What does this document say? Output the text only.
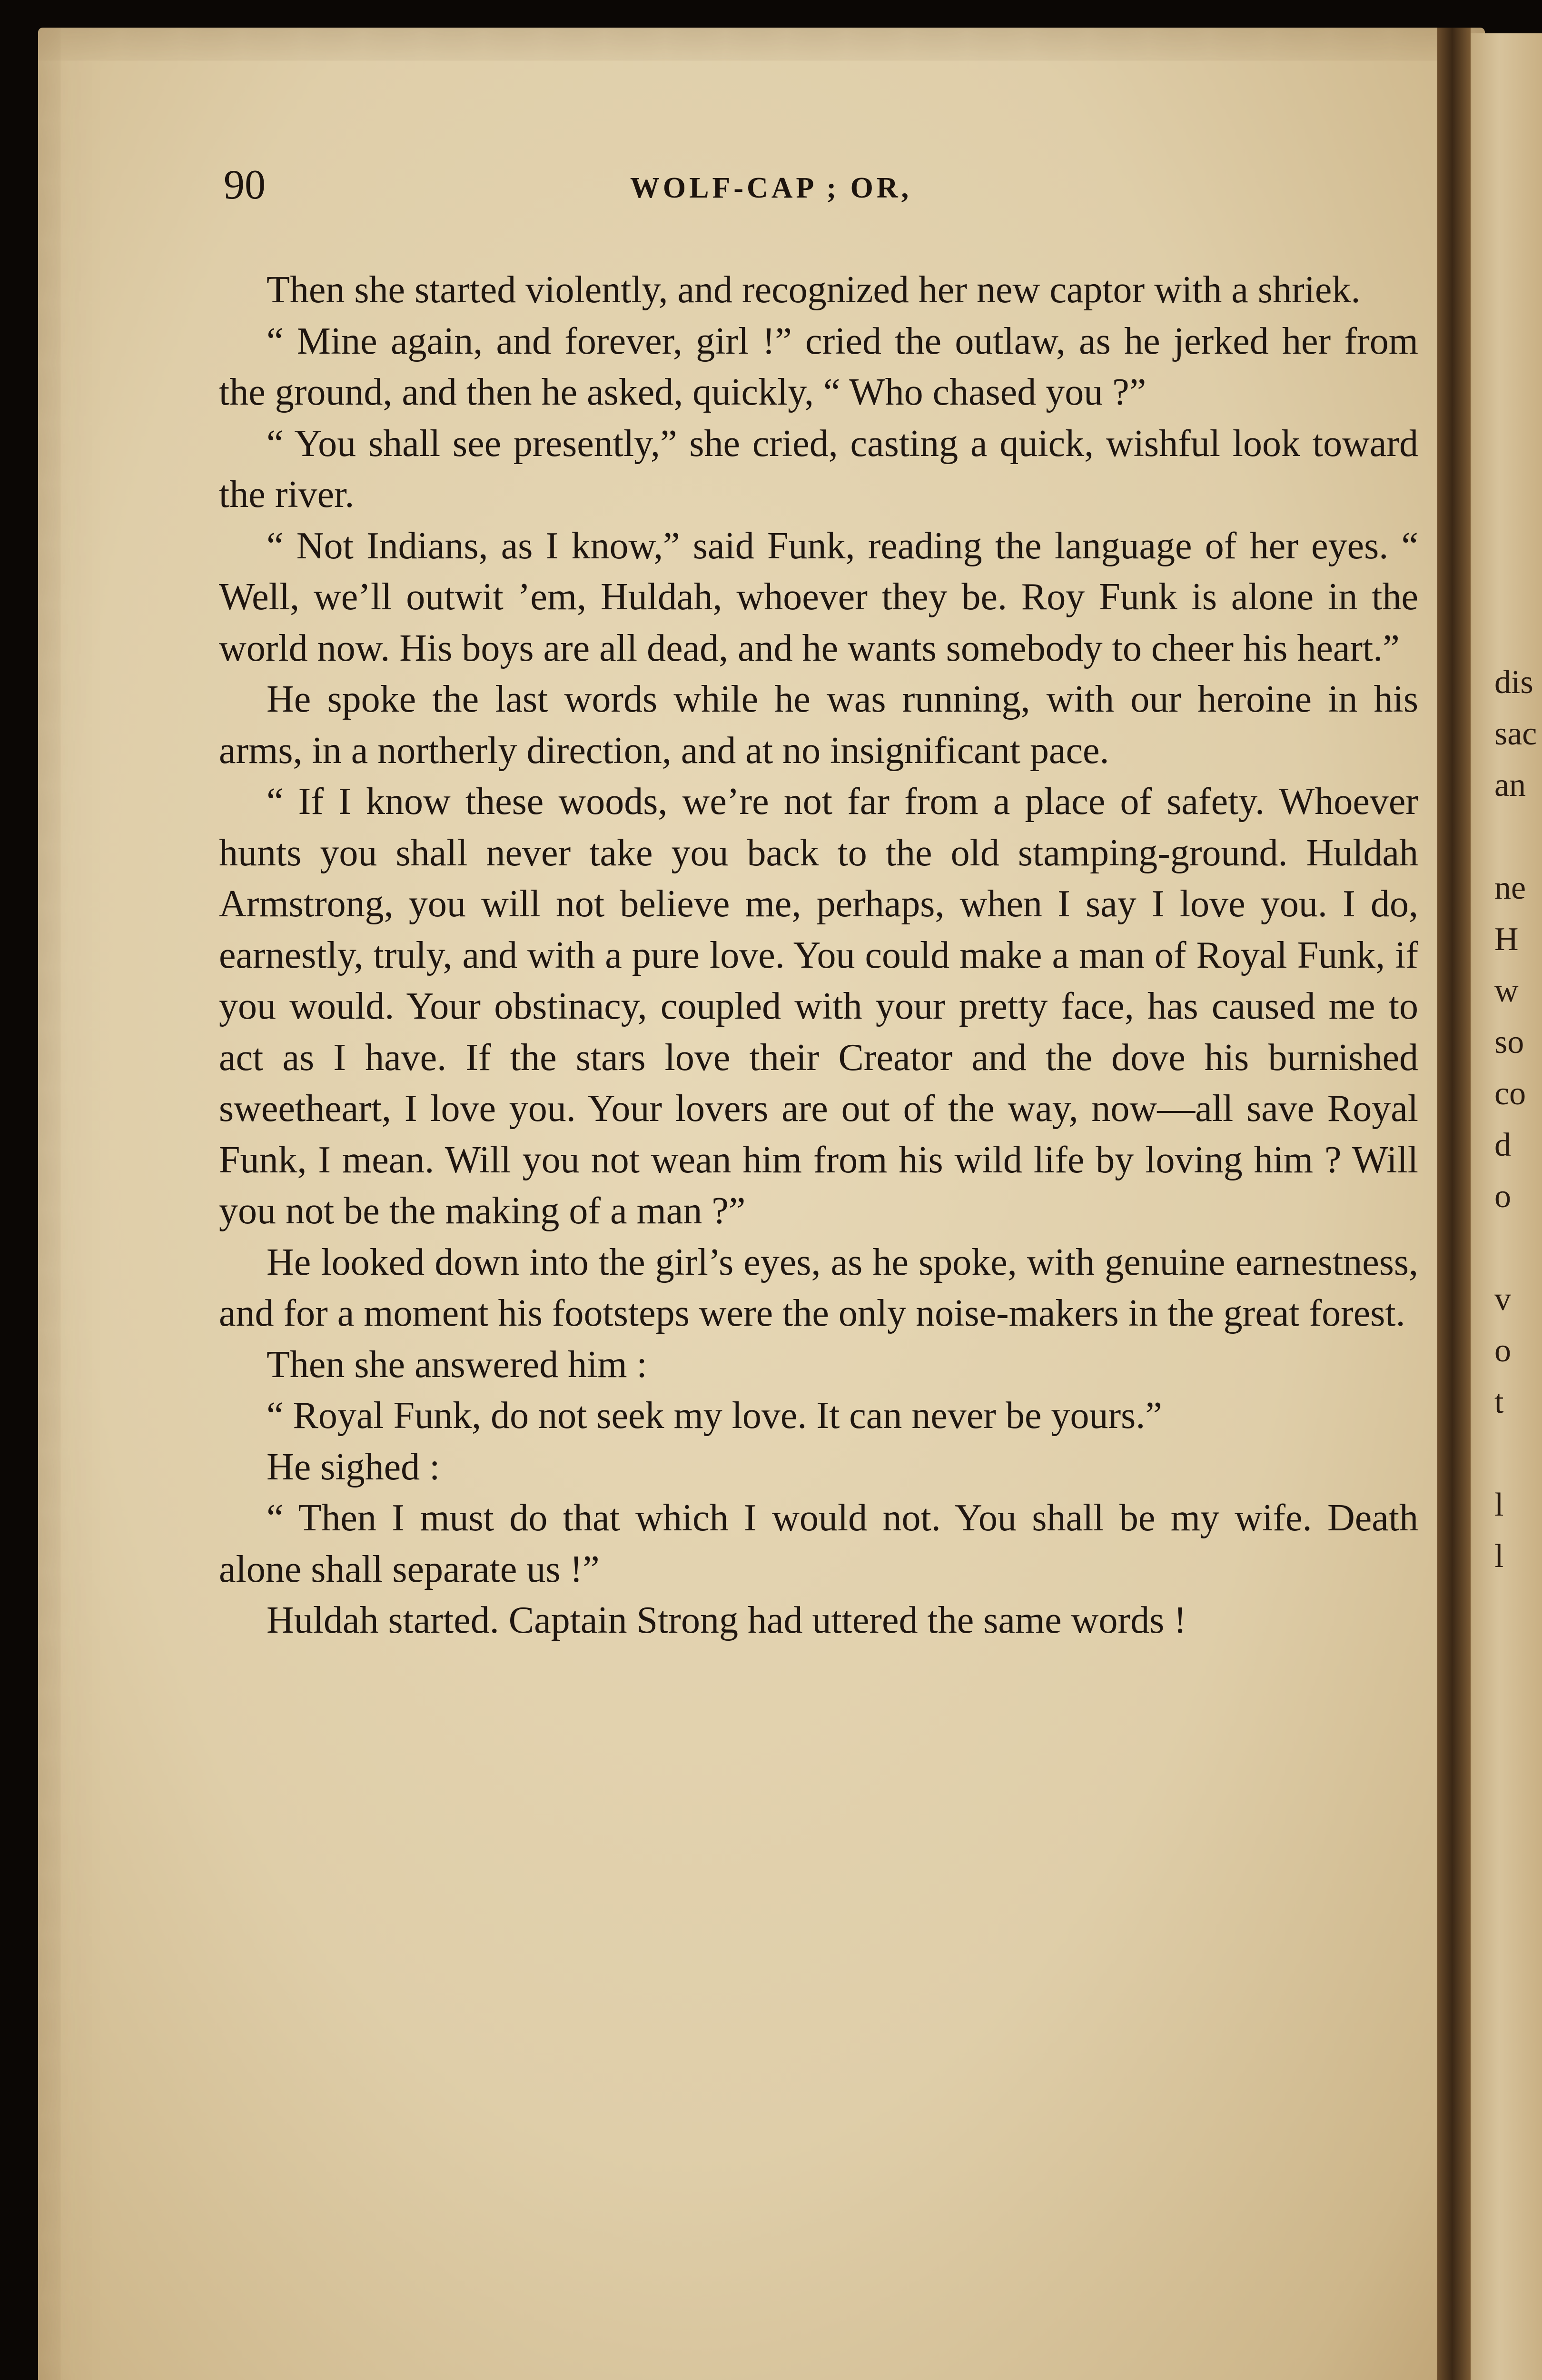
dis
sac
an
ne
H
w
so
co
d
o
v
o
t
l
l
90	WOLF-CAP ; OR,

Then she started violently, and recognized her new captor with a shriek.

“ Mine again, and forever, girl !” cried the outlaw, as he jerked her from the ground, and then he asked, quickly, “ Who chased you ?”

“ You shall see presently,” she cried, casting a quick, wishful look toward the river.

“ Not Indians, as I know,” said Funk, reading the language of her eyes. “ Well, we’ll outwit ’em, Huldah, whoever they be. Roy Funk is alone in the world now. His boys are all dead, and he wants somebody to cheer his heart.”

He spoke the last words while he was running, with our heroine in his arms, in a northerly direction, and at no insignificant pace.

“ If I know these woods, we’re not far from a place of safety. Whoever hunts you shall never take you back to the old stamping-ground. Huldah Armstrong, you will not believe me, perhaps, when I say I love you. I do, earnestly, truly, and with a pure love. You could make a man of Royal Funk, if you would. Your obstinacy, coupled with your pretty face, has caused me to act as I have. If the stars love their Creator and the dove his burnished sweetheart, I love you. Your lovers are out of the way, now—all save Royal Funk, I mean. Will you not wean him from his wild life by loving him ? Will you not be the making of a man ?”

He looked down into the girl’s eyes, as he spoke, with genuine earnestness, and for a moment his footsteps were the only noise-makers in the great forest.

Then she answered him :

“ Royal Funk, do not seek my love. It can never be yours.”

He sighed :

“ Then I must do that which I would not. You shall be my wife. Death alone shall separate us !”

Huldah started. Captain Strong had uttered the same words !
